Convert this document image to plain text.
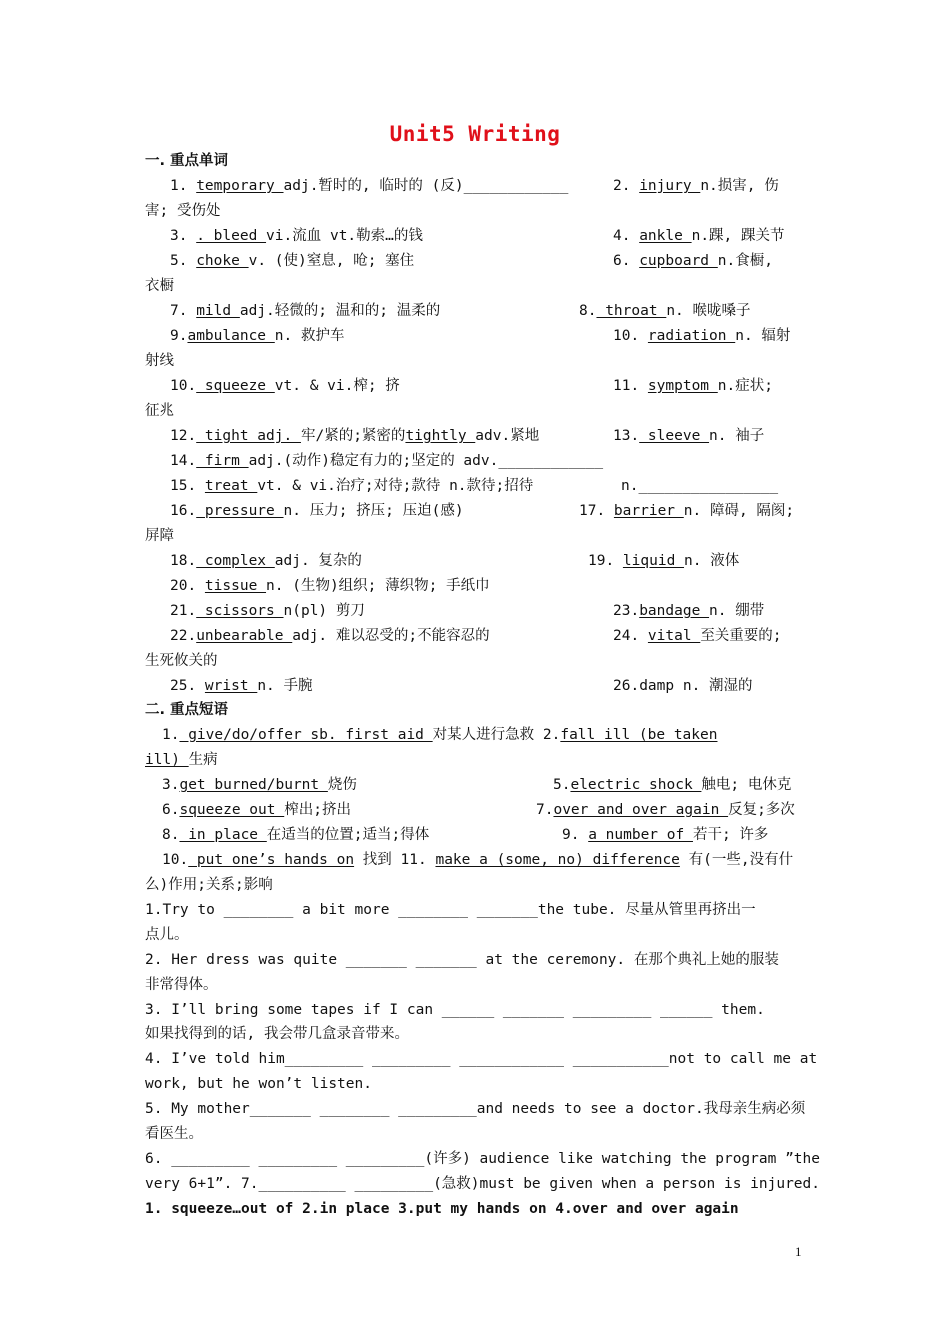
Unit5 Writing
一. 重点单词
1. temporary adj.暂时的, 临时的 (反)____________	2. injury n.损害, 伤
害; 受伤处
3. . bleed vi.流血 vt.勒索…的钱	4. ankle n.踝, 踝关节
5. choke v. (使)窒息, 呛; 塞住	6. cupboard n.食橱,
衣橱
7. mild adj.轻微的; 温和的; 温柔的	8. throat n. 喉咙嗓子
9.ambulance n. 救护车	10. radiation n. 辐射
射线
10. squeeze vt. & vi.榨; 挤	11. symptom n.症状;
征兆
12. tight adj. 牢/紧的;紧密的tightly adv.紧地	13. sleeve n. 袖子
14. firm adj.(动作)稳定有力的;坚定的 adv.____________
15. treat vt. & vi.治疗;对待;款待 n.款待;招待	n.________________
16. pressure n. 压力; 挤压; 压迫(感)	17. barrier n. 障碍, 隔阂;
屏障
18. complex adj. 复杂的	19. liquid n. 液体
20. tissue n. (生物)组织; 薄织物; 手纸巾
21. scissors n(pl) 剪刀	23.bandage n. 绷带
22.unbearable adj. 难以忍受的;不能容忍的	24. vital 至关重要的;
生死攸关的
25. wrist n. 手腕	26.damp n. 潮湿的
二. 重点短语
1. give/do/offer sb. first aid 对某人进行急救 2.fall ill (be taken
ill) 生病
3.get burned/burnt 烧伤	5.electric shock 触电; 电休克
6.squeeze out 榨出;挤出	7.over and over again 反复;多次
8. in place 在适当的位置;适当;得体	9. a number of 若干; 许多
10. put one’s hands on 找到 11. make a (some, no) difference 有(一些,没有什
么)作用;关系;影响
1.Try to ________ a bit more ________ _______the tube. 尽量从管里再挤出一
点儿。
2. Her dress was quite _______ _______ at the ceremony. 在那个典礼上她的服装
非常得体。
3. I’ll bring some tapes if I can ______ _______ _________ ______ them.
如果找得到的话, 我会带几盒录音带来。
4. I’ve told him_________ _________ ____________ ___________not to call me at
work, but he won’t listen.
5. My mother_______ ________ _________and needs to see a doctor.我母亲生病必须
看医生。
6. _________ _________ _________(许多) audience like watching the program ”the
very 6+1”. 7.__________ _________(急救)must be given when a person is injured.
1. squeeze…out of 2.in place 3.put my hands on 4.over and over again
1
